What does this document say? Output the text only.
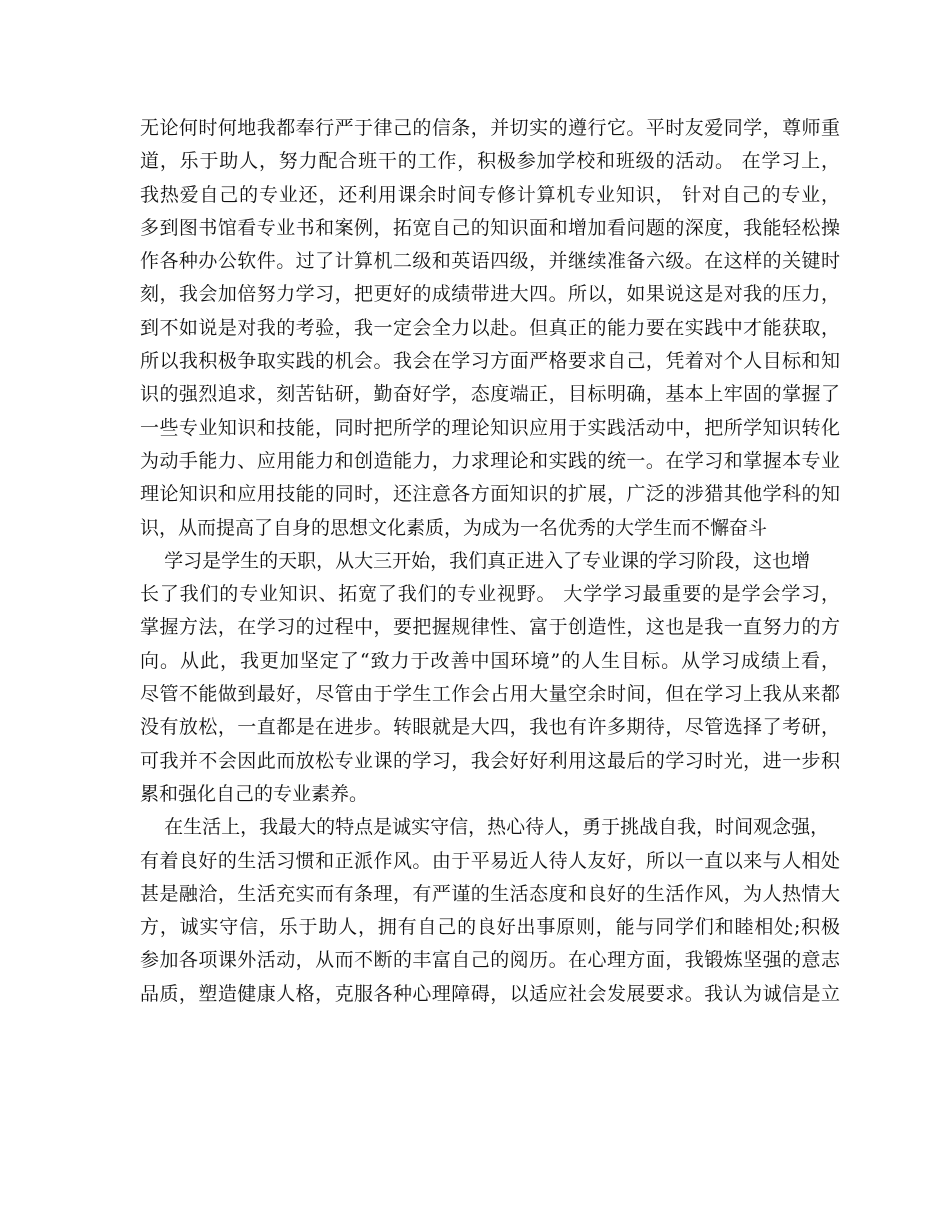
无论何时何地我都奉行严于律己的信条，并切实的遵行它。平时友爱同学，尊师重
道，乐于助人，努力配合班干的工作，积极参加学校和班级的活动。 在学习上，
我热爱自己的专业还，还利用课余时间专修计算机专业知识， 针对自己的专业，
多到图书馆看专业书和案例，拓宽自己的知识面和增加看问题的深度，我能轻松操
作各种办公软件。过了计算机二级和英语四级，并继续准备六级。在这样的关键时
刻，我会加倍努力学习，把更好的成绩带进大四。所以，如果说这是对我的压力，
到不如说是对我的考验，我一定会全力以赴。但真正的能力要在实践中才能获取，
所以我积极争取实践的机会。我会在学习方面严格要求自己，凭着对个人目标和知
识的强烈追求，刻苦钻研，勤奋好学，态度端正，目标明确，基本上牢固的掌握了
一些专业知识和技能，同时把所学的理论知识应用于实践活动中，把所学知识转化
为动手能力、应用能力和创造能力，力求理论和实践的统一。在学习和掌握本专业
理论知识和应用技能的同时，还注意各方面知识的扩展，广泛的涉猎其他学科的知
识，从而提高了自身的思想文化素质，为成为一名优秀的大学生而不懈奋斗
学习是学生的天职，从大三开始，我们真正进入了专业课的学习阶段，这也增
长了我们的专业知识、拓宽了我们的专业视野。 大学学习最重要的是学会学习，
掌握方法，在学习的过程中，要把握规律性、富于创造性，这也是我一直努力的方
向。从此，我更加坚定了“致力于改善中国环境”的人生目标。从学习成绩上看，
尽管不能做到最好，尽管由于学生工作会占用大量空余时间，但在学习上我从来都
没有放松，一直都是在进步。转眼就是大四，我也有许多期待，尽管选择了考研，
可我并不会因此而放松专业课的学习，我会好好利用这最后的学习时光，进一步积
累和强化自己的专业素养。
在生活上，我最大的特点是诚实守信，热心待人，勇于挑战自我，时间观念强，
有着良好的生活习惯和正派作风。由于平易近人待人友好，所以一直以来与人相处
甚是融洽，生活充实而有条理，有严谨的生活态度和良好的生活作风，为人热情大
方，诚实守信，乐于助人，拥有自己的良好出事原则，能与同学们和睦相处;积极
参加各项课外活动，从而不断的丰富自己的阅历。在心理方面，我锻炼坚强的意志
品质，塑造健康人格，克服各种心理障碍，以适应社会发展要求。我认为诚信是立
